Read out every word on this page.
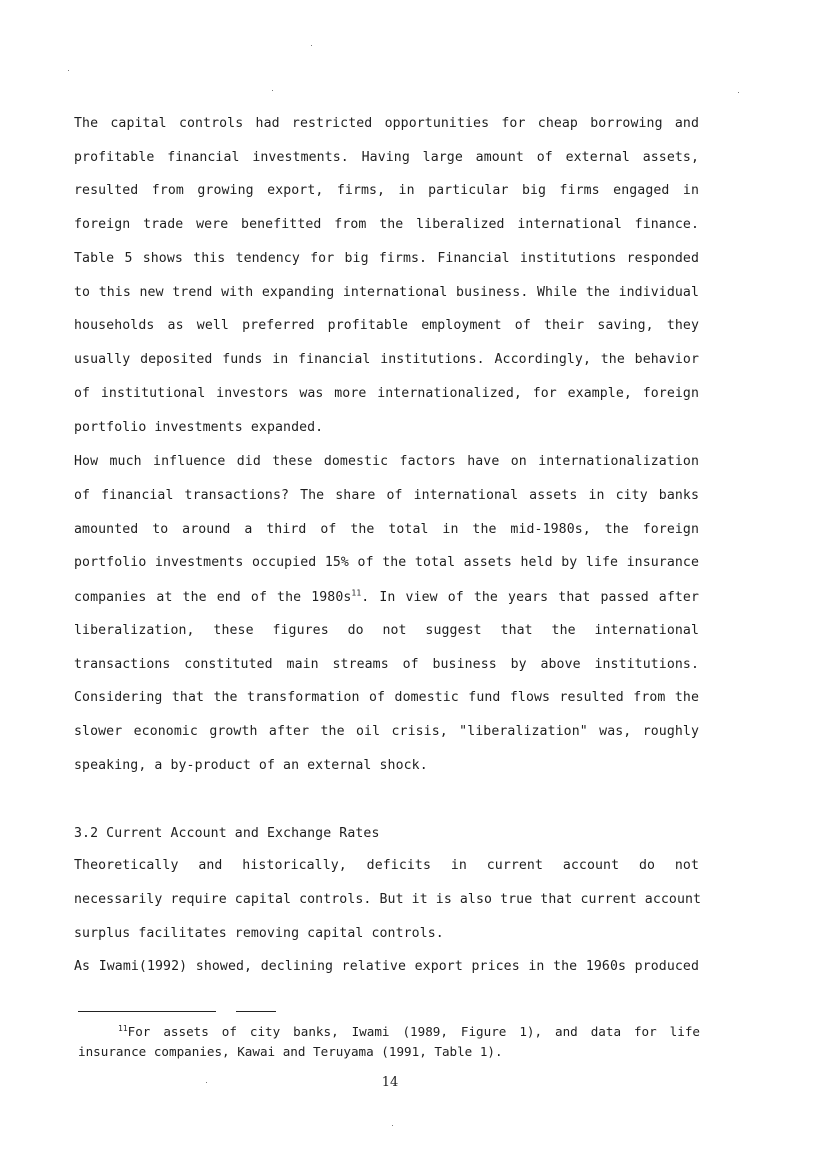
The capital controls had restricted opportunities for cheap borrowing and
profitable financial investments. Having large amount of external assets,
resulted from growing export, firms, in particular big firms engaged in
foreign trade were benefitted from the liberalized international finance.
Table 5 shows this tendency for big firms. Financial institutions responded
to this new trend with expanding international business. While the individual
households as well preferred profitable employment of their saving, they
usually deposited funds in financial institutions. Accordingly, the behavior
of institutional investors was more internationalized, for example, foreign
portfolio investments expanded.
How much influence did these domestic factors have on internationalization
of financial transactions? The share of international assets in city banks
amounted to around a third of the total in the mid-1980s, the foreign
portfolio investments occupied 15% of the total assets held by life insurance
companies at the end of the $1980s^{11}$. In view of the years that passed after
liberalization, these figures do not suggest that the international
transactions constituted main streams of business by above institutions.
Considering that the transformation of domestic fund flows resulted from the
slower economic growth after the oil crisis, "liberalization" was, roughly
speaking, a by-product of an external shock.
3.2 Current Account and Exchange Rates
Theoretically and historically, deficits in current account do not
necessarily require capital controls. But it is also true that current account
surplus facilitates removing capital controls.
As Iwami(1992) showed, declining relative export prices in the 1960s produced
$^{11}$For assets of city banks, Iwami (1989, Figure 1), and data for life
insurance companies, Kawai and Teruyama (1991, Table 1).
14
